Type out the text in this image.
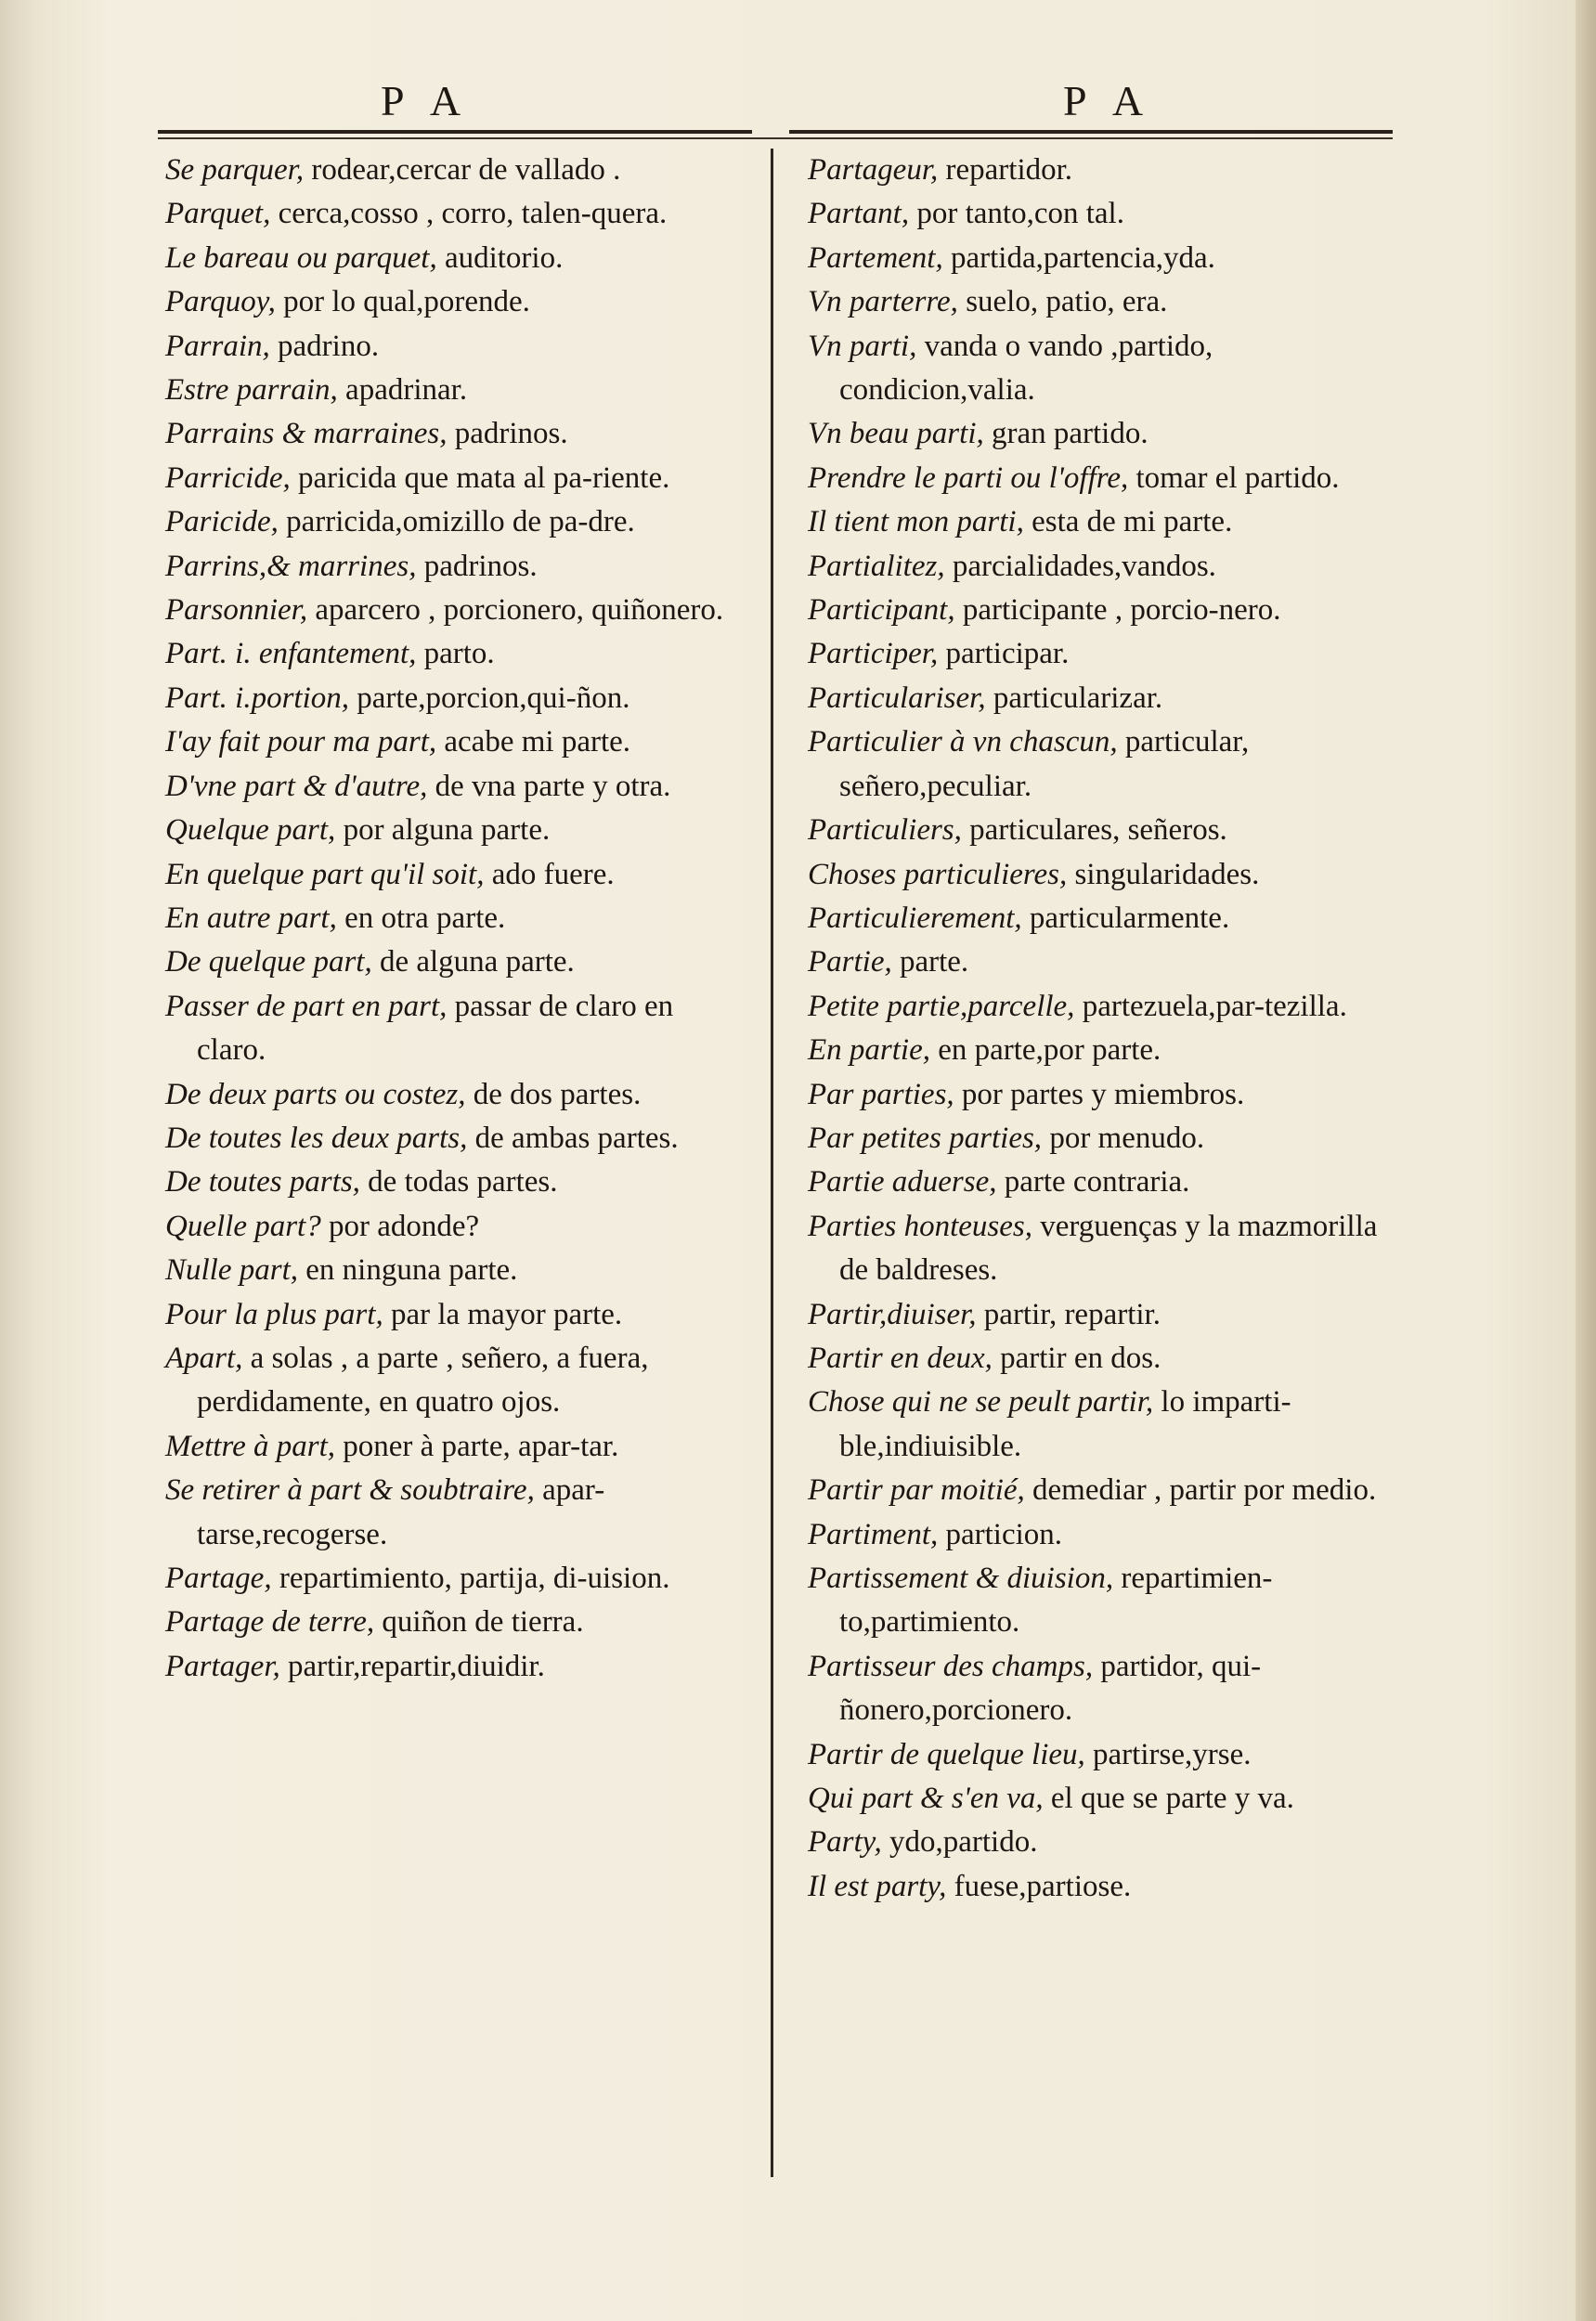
P A	P A

Se parquer, rodear,cercar de vallado .

Parquet, cerca,cosso , corro, talen-quera.

Le bareau ou parquet, auditorio.

Parquoy, por lo qual,porende.

Parrain, padrino.

Estre parrain, apadrinar.

Parrains & marraines, padrinos.

Parricide, paricida que mata al pa-riente.

Paricide, parricida,omizillo de pa-dre.

Parrins,& marrines, padrinos.

Parsonnier, aparcero , porcionero, quiñonero.

Part. i. enfantement, parto.

Part. i.portion, parte,porcion,qui-ñon.

I'ay fait pour ma part, acabe mi parte.

D'vne part & d'autre, de vna parte y otra.

Quelque part, por alguna parte.

En quelque part qu'il soit, ado fuere.

En autre part, en otra parte.

De quelque part, de alguna parte.

Passer de part en part, passar de claro en claro.

De deux parts ou costez, de dos partes.

De toutes les deux parts, de ambas partes.

De toutes parts, de todas partes.

Quelle part? por adonde?

Nulle part, en ninguna parte.

Pour la plus part, par la mayor parte.

Apart, a solas , a parte , señero, a fuera, perdidamente, en quatro ojos.

Mettre à part, poner à parte, apar-tar.

Se retirer à part & soubtraire, apar-tarse,recogerse.

Partage, repartimiento, partija, di-uision.

Partage de terre, quiñon de tierra.

Partager, partir,repartir,diuidir.

Partageur, repartidor.

Partant, por tanto,con tal.

Partement, partida,partencia,yda.

Vn parterre, suelo, patio, era.

Vn parti, vanda o vando ,partido, condicion,valia.

Vn beau parti, gran partido.

Prendre le parti ou l'offre, tomar el partido.

Il tient mon parti, esta de mi parte.

Partialitez, parcialidades,vandos.

Participant, participante , porcio-nero.

Participer, participar.

Particulariser, particularizar.

Particulier à vn chascun, particular, señero,peculiar.

Particuliers, particulares, señeros.

Choses particulieres, singularidades.

Particulierement, particularmente.

Partie, parte.

Petite partie,parcelle, partezuela,par-tezilla.

En partie, en parte,por parte.

Par parties, por partes y miembros.

Par petites parties, por menudo.

Partie aduerse, parte contraria.

Parties honteuses, verguenças y la mazmorilla de baldreses.

Partir,diuiser, partir, repartir.

Partir en deux, partir en dos.

Chose qui ne se peult partir, lo imparti-ble,indiuisible.

Partir par moitié, demediar , partir por medio.

Partiment, particion.

Partissement & diuision, repartimien-to,partimiento.

Partisseur des champs, partidor, qui-ñonero,porcionero.

Partir de quelque lieu, partirse,yrse.

Qui part & s'en va, el que se parte y va.

Party, ydo,partido.

Il est party, fuese,partiose.
